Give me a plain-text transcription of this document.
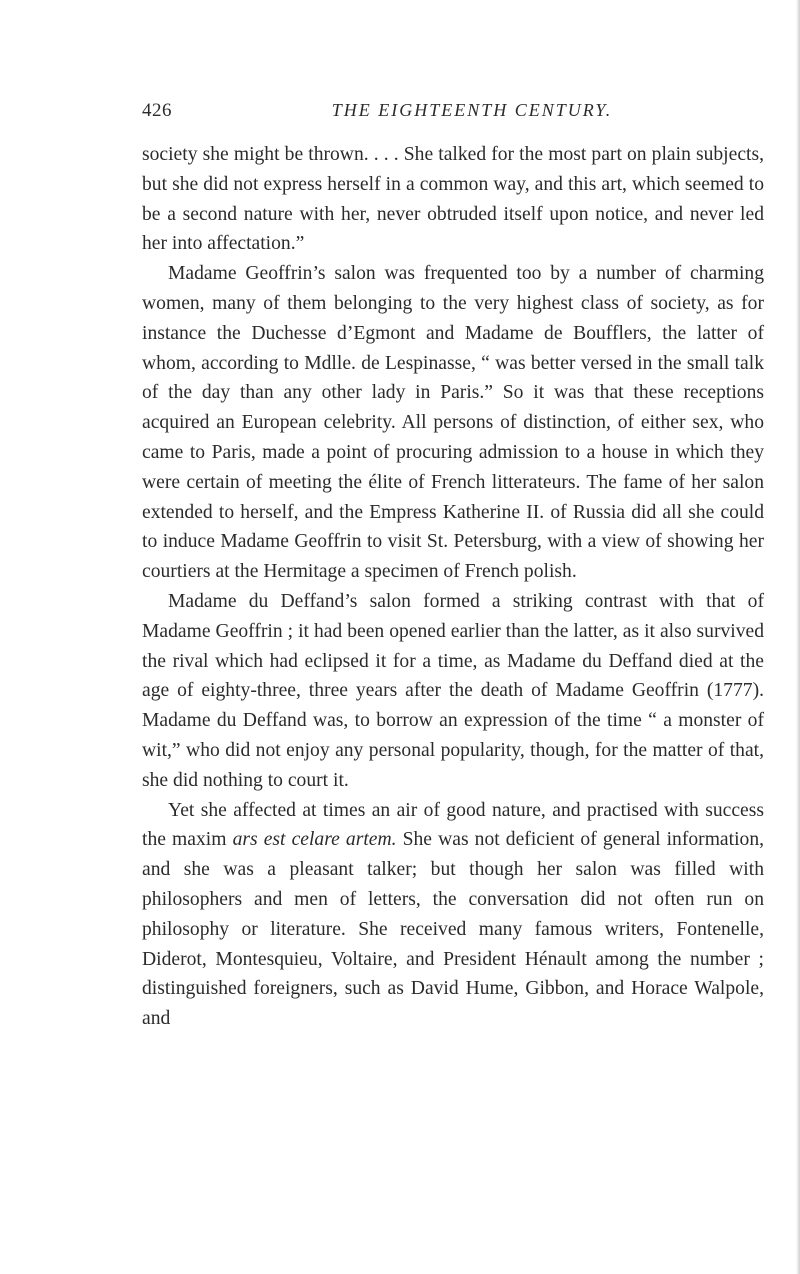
426	THE EIGHTEENTH CENTURY.

society she might be thrown. . . . She talked for the most part on plain subjects, but she did not express herself in a common way, and this art, which seemed to be a second nature with her, never obtruded itself upon notice, and never led her into affectation.”

Madame Geoffrin’s salon was frequented too by a number of charming women, many of them belonging to the very highest class of society, as for instance the Duchesse d’Egmont and Madame de Boufflers, the latter of whom, according to Mdlle. de Lespinasse, “ was better versed in the small talk of the day than any other lady in Paris.” So it was that these receptions acquired an European celebrity. All persons of distinction, of either sex, who came to Paris, made a point of procuring admission to a house in which they were certain of meeting the élite of French litterateurs. The fame of her salon extended to herself, and the Empress Katherine II. of Russia did all she could to induce Madame Geoffrin to visit St. Petersburg, with a view of showing her courtiers at the Hermitage a specimen of French polish.

Madame du Deffand’s salon formed a striking contrast with that of Madame Geoffrin ; it had been opened earlier than the latter, as it also survived the rival which had eclipsed it for a time, as Madame du Deffand died at the age of eighty-three, three years after the death of Madame Geoffrin (1777). Madame du Deffand was, to borrow an expression of the time “ a monster of wit,” who did not enjoy any personal popularity, though, for the matter of that, she did nothing to court it.

Yet she affected at times an air of good nature, and practised with success the maxim ars est celare artem. She was not deficient of general information, and she was a pleasant talker; but though her salon was filled with philosophers and men of letters, the conversation did not often run on philosophy or literature. She received many famous writers, Fontenelle, Diderot, Montesquieu, Voltaire, and President Hénault among the number ; distinguished foreigners, such as David Hume, Gibbon, and Horace Walpole, and
